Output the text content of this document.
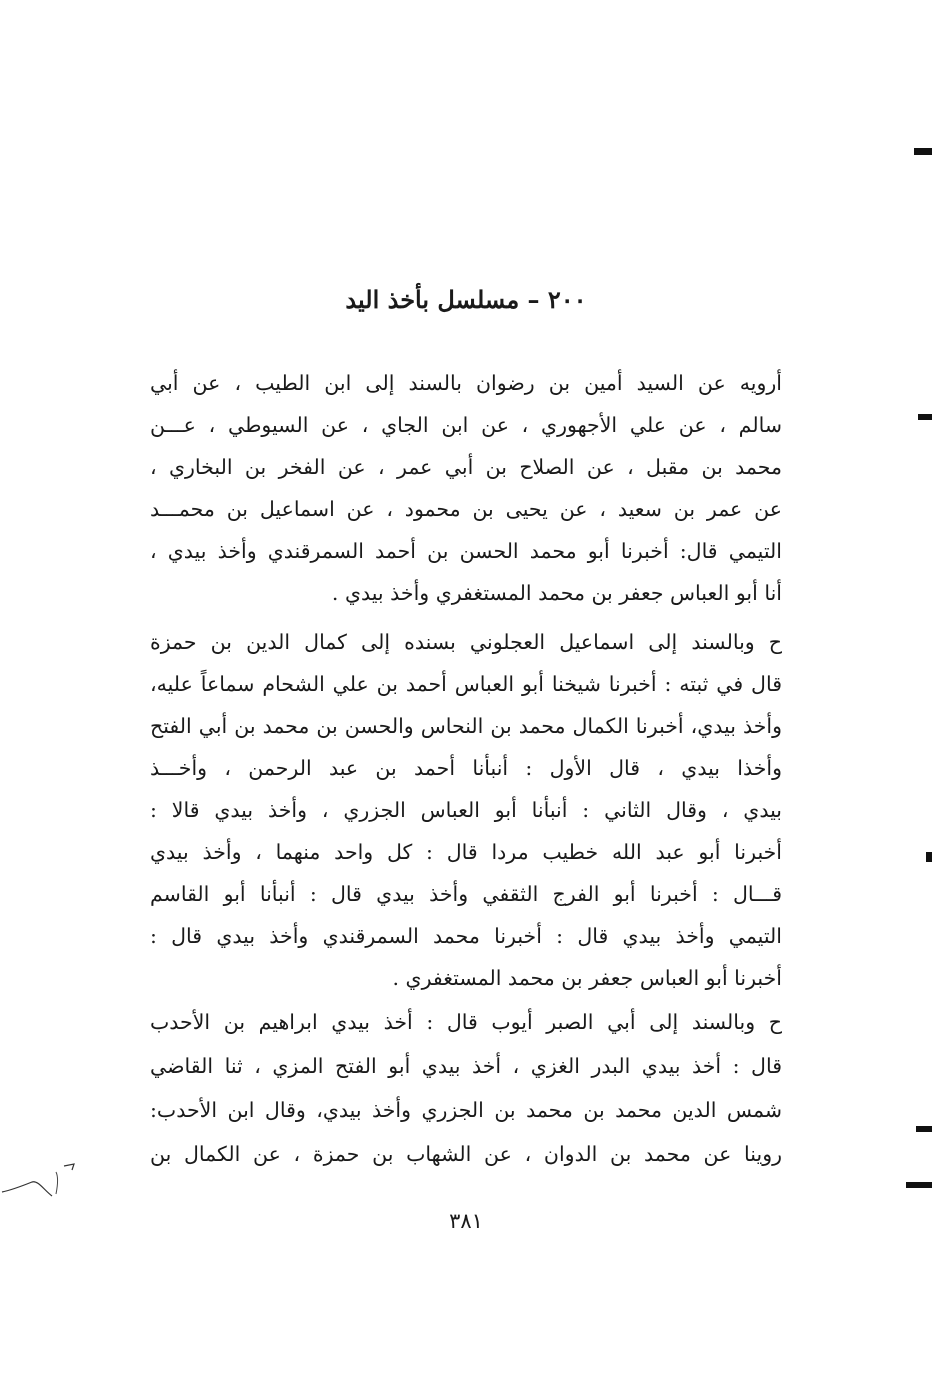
٢٠٠ – مسلسل بأخذ اليد
أرويه عن السيد أمين بن رضوان بالسند إلى ابن الطيب ، عن أبي
سالم ، عن علي الأجهوري ، عن ابن الجاي ، عن السيوطي ، عـــن
محمد بن مقبل ، عن الصلاح بن أبي عمر ، عن الفخر بن البخاري ،
عن عمر بن سعيد ، عن يحيى بن محمود ، عن اسماعيل بن محمـــد
التيمي قال: أخبرنا أبو محمد الحسن بن أحمد السمرقندي وأخذ بيدي ،
أنا أبو العباس جعفر بن محمد المستغفري وأخذ بيدي .
ح وبالسند إلى اسماعيل العجلوني بسنده إلى كمال الدين بن حمزة
قال في ثبته : أخبرنا شيخنا أبو العباس أحمد بن علي الشحام سماعاً عليه،
وأخذ بيدي، أخبرنا الكمال محمد بن النحاس والحسن بن محمد بن أبي الفتح
وأخذا بيدي ، قال الأول : أنبأنا أحمد بن عبد الرحمن ، وأخـــذ
بيدي ، وقال الثاني : أنبأنا أبو العباس الجزري ، وأخذ بيدي قالا :
أخبرنا أبو عبد الله خطيب مردا قال : كل واحد منهما ، وأخذ بيدي
قـــال : أخبرنا أبو الفرج الثقفي وأخذ بيدي قال : أنبأنا أبو القاسم
التيمي وأخذ بيدي قال : أخبرنا محمد السمرقندي وأخذ بيدي قال :
أخبرنا أبو العباس جعفر بن محمد المستغفري .
ح وبالسند إلى أبي الصبر أيوب قال : أخذ بيدي ابراهيم بن الأحدب
قال : أخذ بيدي البدر الغزي ، أخذ بيدي أبو الفتح المزي ، ثنا القاضي
شمس الدين محمد بن محمد بن الجزري وأخذ بيدي، وقال ابن الأحدب:
روينا عن محمد بن الدوان ، عن الشهاب بن حمزة ، عن الكمال بن
٣٨١
